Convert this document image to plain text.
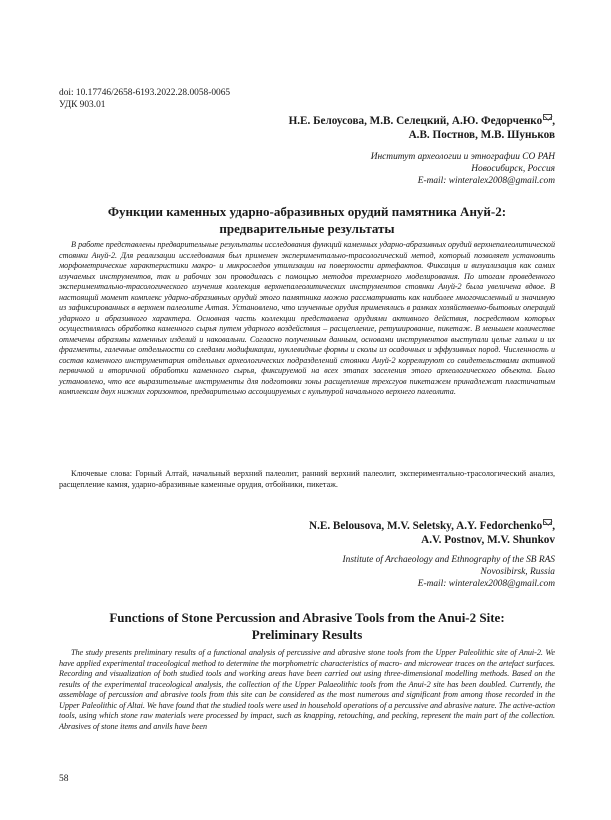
doi: 10.17746/2658-6193.2022.28.0058-0065
УДК 903.01
Н.Е. Белоусова, М.В. Селецкий, А.Ю. Федорченко ,
А.В. Постнов, М.В. Шуньков
Институт археологии и этнографии СО РАН
Новосибирск, Россия
E-mail: winteralex2008@gmail.com
Функции каменных ударно-абразивных орудий памятника Ануй-2:
предварительные результаты

В работе представлены предварительные результаты исследования функций каменных ударно-абразивных орудий верхнепалеолитической стоянки Ануй-2. Для реализации исследования был применен экспериментально-трасологический метод, который позволяет установить морфометрические характеристики макро- и микроследов утилизации на поверхности артефактов. Фиксация и визуализация как самих изучаемых инструментов, так и рабочих зон проводилась с помощью методов трехмерного моделирования. По итогам проведенного экспериментально-трасологического изучения коллекция верхнепалеолитических инструментов стоянки Ануй-2 была увеличена вдвое. В настоящий момент комплекс ударно-абразивных орудий этого памятника можно рассматривать как наиболее многочисленный и значимую из зафиксированных в верхнем палеолите Алтая. Установлено, что изученные орудия применялись в рамках хозяйственно-бытовых операций ударного и абразивного характера. Основная часть коллекции представлена орудиями активного действия, посредством которых осуществлялась обработка каменного сырья путем ударного воздействия – расщепление, ретуширование, пикетаж. В меньшем количестве отмечены абразивы каменных изделий и наковальни. Согласно полученным данным, основами инструментов выступали целые гальки и их фрагменты, галечные отдельности со следами модификации, нуклевидные формы и сколы из осадочных и эффузивных пород. Численность и состав каменного инструментария отдельных археологических подразделений стоянки Ануй-2 коррелируют со свидетельствами активной первичной и вторичной обработки каменного сырья, фиксируемой на всех этапах заселения этого археологического объекта. Было установлено, что все выразительные инструменты для подготовки зоны расщепления трехсгуов пикетажем принадлежат пластичатым комплексам двух нижних горизонтов, предварительно ассоциируемых с культурой начального верхнего палеолита.

Ключевые слова: Горный Алтай, начальный верхний палеолит, ранний верхний палеолит, экспериментально-трасологический анализ, расщепление камня, ударно-абразивные каменные орудия, отбойники, пикетаж.

N.E. Belousova, M.V. Seletsky, A.Y. Fedorchenko ,
A.V. Postnov, M.V. Shunkov
Institute of Archaeology and Ethnography of the SB RAS
Novosibirsk, Russia
E-mail: winteralex2008@gmail.com
Functions of Stone Percussion and Abrasive Tools from the Anui-2 Site:
Preliminary Results

The study presents preliminary results of a functional analysis of percussive and abrasive stone tools from the Upper Paleolithic site of Anui-2. We have applied experimental traceological method to determine the morphometric characteristics of macro- and microwear traces on the artefact surfaces. Recording and visualization of both studied tools and working areas have been carried out using three-dimensional modelling methods. Based on the results of the experimental traceological analysis, the collection of the Upper Palaeolithic tools from the Anui-2 site has been doubled. Currently, the assemblage of percussion and abrasive tools from this site can be considered as the most numerous and significant from among those recorded in the Upper Paleolithic of Altai. We have found that the studied tools were used in household operations of a percussive and abrasive nature. The active-action tools, using which stone raw materials were processed by impact, such as knapping, retouching, and pecking, represent the main part of the collection. Abrasives of stone items and anvils have been

58
